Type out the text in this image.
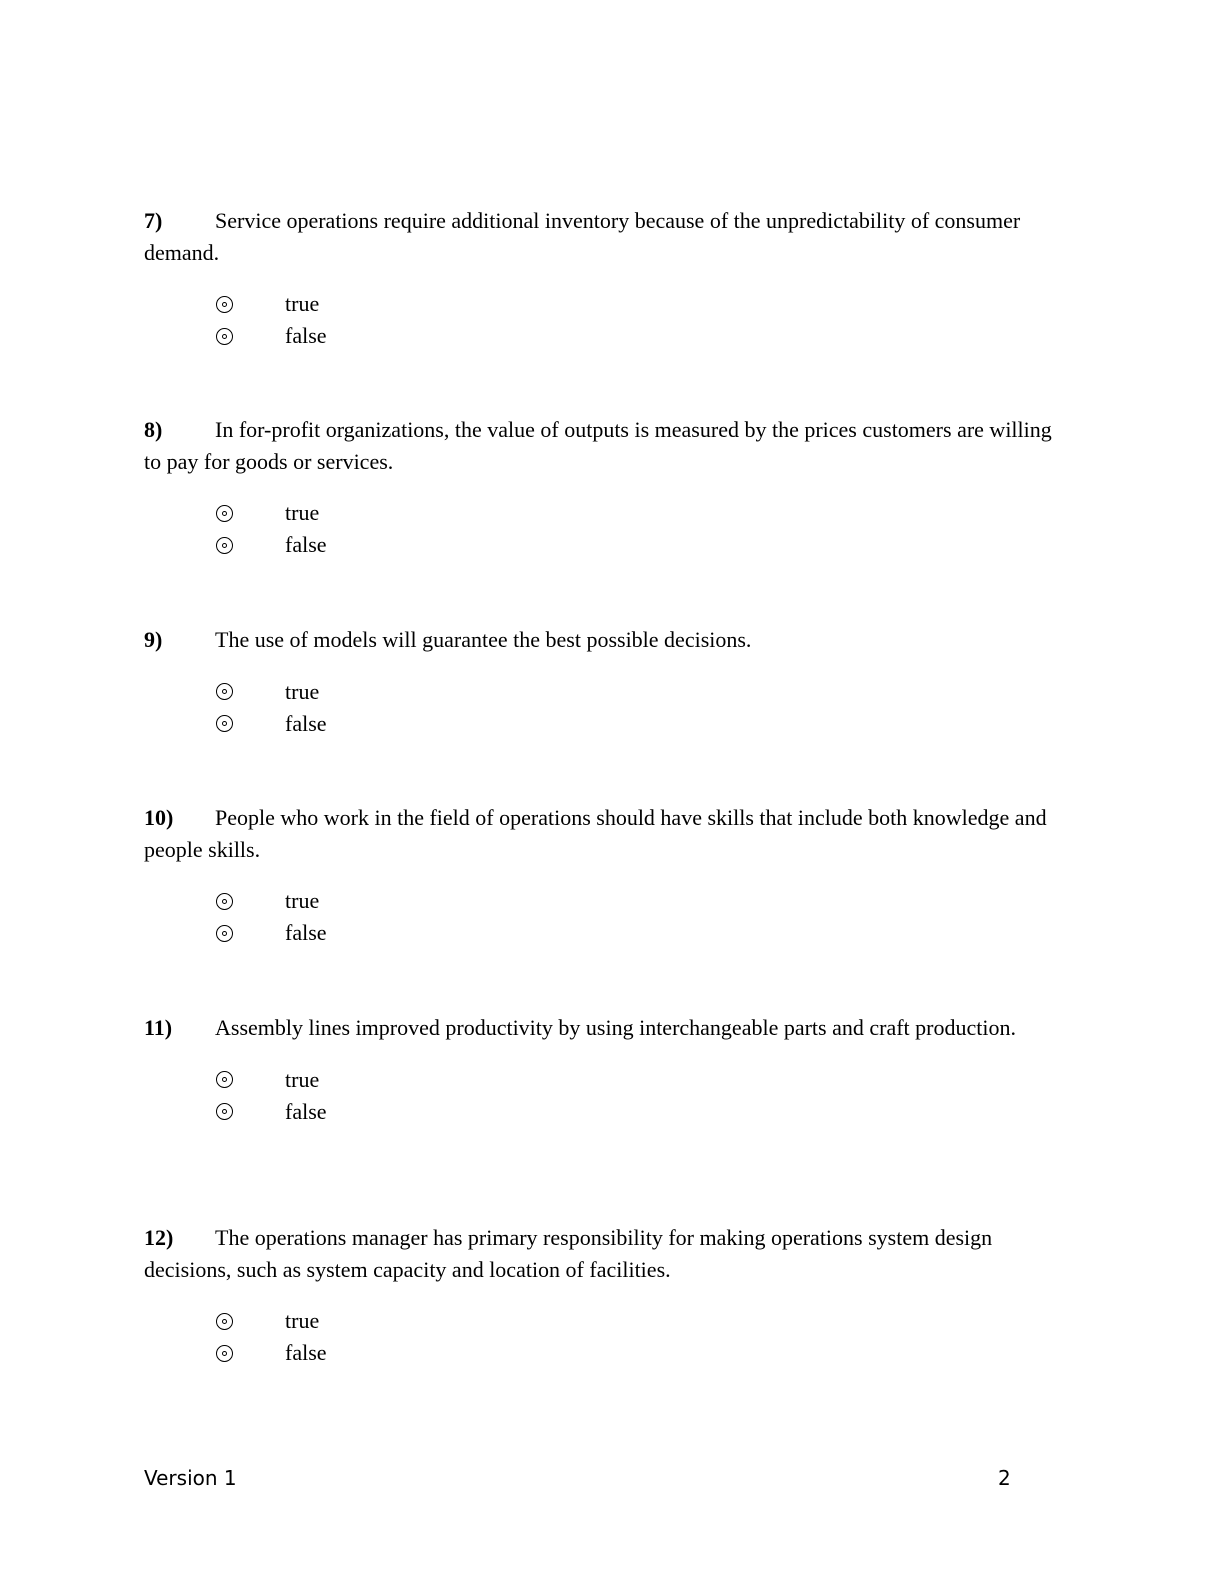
7) Service operations require additional inventory because of the unpredictability of consumer demand.

true
false

8) In for-profit organizations, the value of outputs is measured by the prices customers are willing to pay for goods or services.

true
false

9) The use of models will guarantee the best possible decisions.

true
false

10) People who work in the field of operations should have skills that include both knowledge and people skills.

true
false

11) Assembly lines improved productivity by using interchangeable parts and craft production.

true
false

12) The operations manager has primary responsibility for making operations system design decisions, such as system capacity and location of facilities.

true
false
Version 1	2
